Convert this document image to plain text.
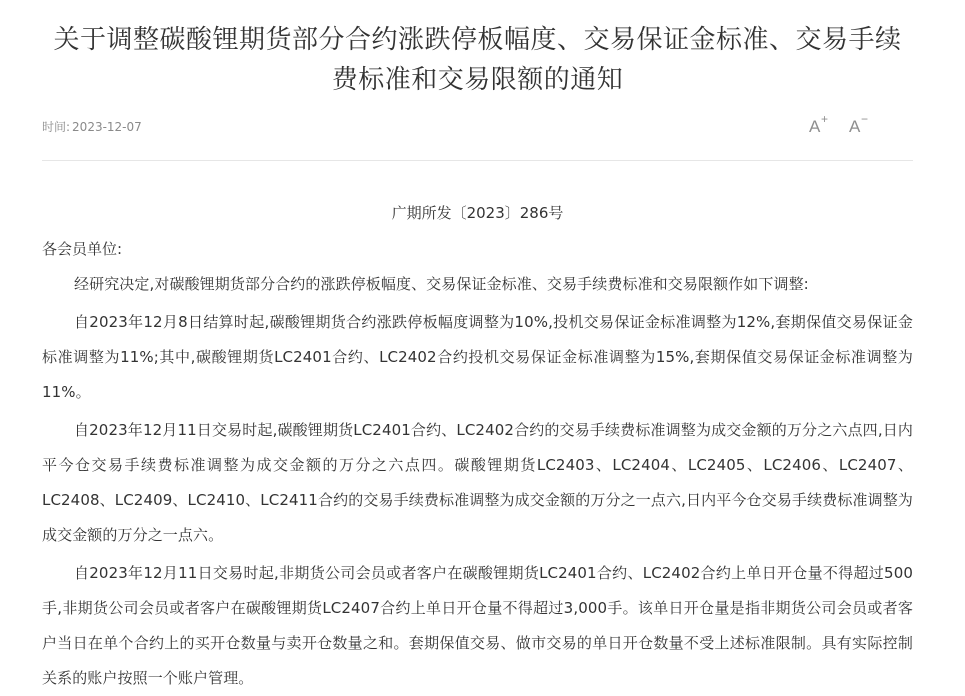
关于调整碳酸锂期货部分合约涨跌停板幅度、交易保证金标准、交易手续
费标准和交易限额的通知
时间: 2023-12-07	A + A −

广期所发〔2023〕286号

各会员单位:

经研究决定,对碳酸锂期货部分合约的涨跌停板幅度、交易保证金标准、交易手续费标准和交易限额作如下调整:

自2023年12月8日结算时起,碳酸锂期货合约涨跌停板幅度调整为10%,投机交易保证金标准调整为12%,套期保值交易保证金标准调整为11%;其中,碳酸锂期货LC2401合约、LC2402合约投机交易保证金标准调整为15%,套期保值交易保证金标准调整为11%。

自2023年12月11日交易时起,碳酸锂期货LC2401合约、LC2402合约的交易手续费标准调整为成交金额的万分之六点四,日内平今仓交易手续费标准调整为成交金额的万分之六点四。碳酸锂期货LC2403、LC2404、LC2405、LC2406、LC2407、LC2408、LC2409、LC2410、LC2411合约的交易手续费标准调整为成交金额的万分之一点六,日内平今仓交易手续费标准调整为成交金额的万分之一点六。

自2023年12月11日交易时起,非期货公司会员或者客户在碳酸锂期货LC2401合约、LC2402合约上单日开仓量不得超过500手,非期货公司会员或者客户在碳酸锂期货LC2407合约上单日开仓量不得超过3,000手。该单日开仓量是指非期货公司会员或者客户当日在单个合约上的买开仓数量与卖开仓数量之和。套期保值交易、做市交易的单日开仓数量不受上述标准限制。具有实际控制关系的账户按照一个账户管理。
